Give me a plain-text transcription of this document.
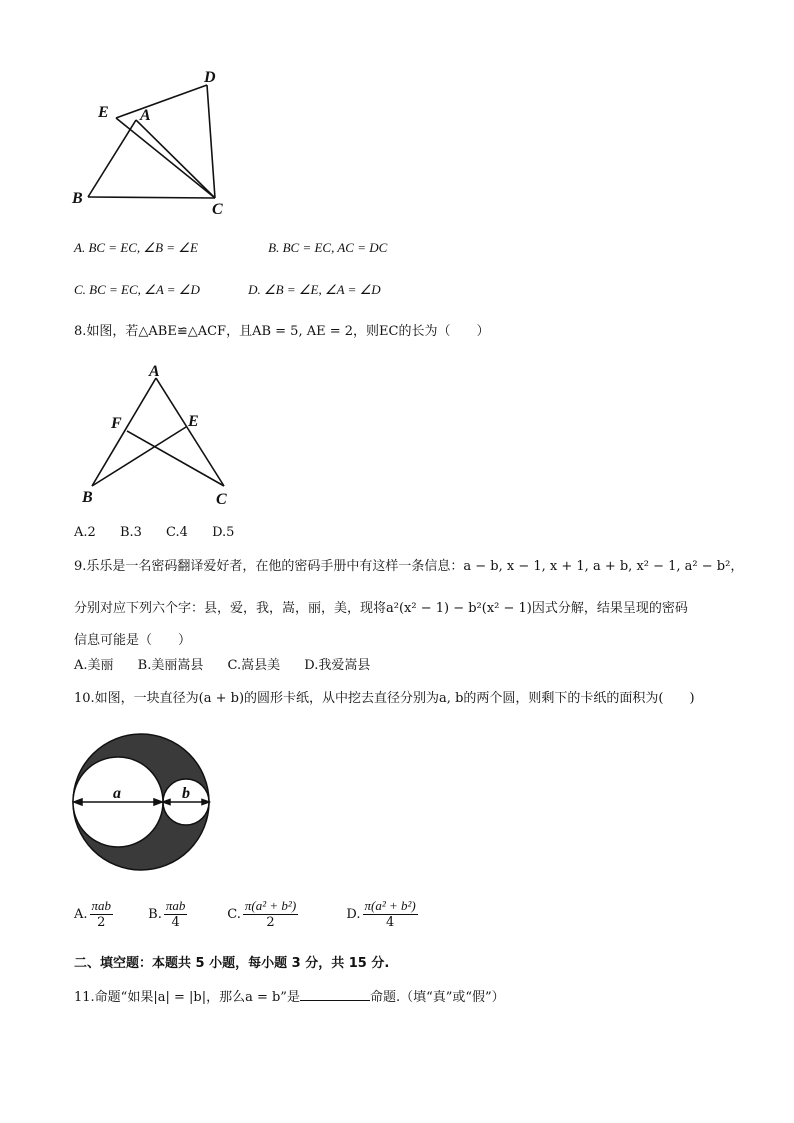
D
E A
B
C
A. BC = EC, ∠B = ∠E	B. BC = EC, AC = DC
C. BC = EC, ∠A = ∠D	D. ∠B = ∠E, ∠A = ∠D
8.如图，若△ABE≌△ACF，且AB = 5, AE = 2，则EC的长为（　　）
A
F	E
B	C
A.2 B.3 C.4 D.5
9.乐乐是一名密码翻译爱好者，在他的密码手册中有这样一条信息：a − b, x − 1, x + 1, a + b, x² − 1, a² − b²，
分别对应下列六个字：县，爱，我，嵩，丽，美，现将a²(x² − 1) − b²(x² − 1)因式分解，结果呈现的密码
信息可能是（　　）
A.美丽 B.美丽嵩县 C.嵩县美 D.我爱嵩县
10.如图，一块直径为(a + b)的圆形卡纸，从中挖去直径分别为a, b的两个圆，则剩下的卡纸的面积为(　　)
a	b
A. $\frac{\text{πab}}{2}$	B. $\frac{\text{πab}}{4}$	C. $\frac{\text{π(a² + b²)}}{2}$	D. $\frac{\text{π(a² + b²)}}{4}$
二、填空题：本题共 5 小题，每小题 3 分，共 15 分.
11.命题“如果|a| = |b|，那么a = b”是	命题.（填“真”或“假”）
